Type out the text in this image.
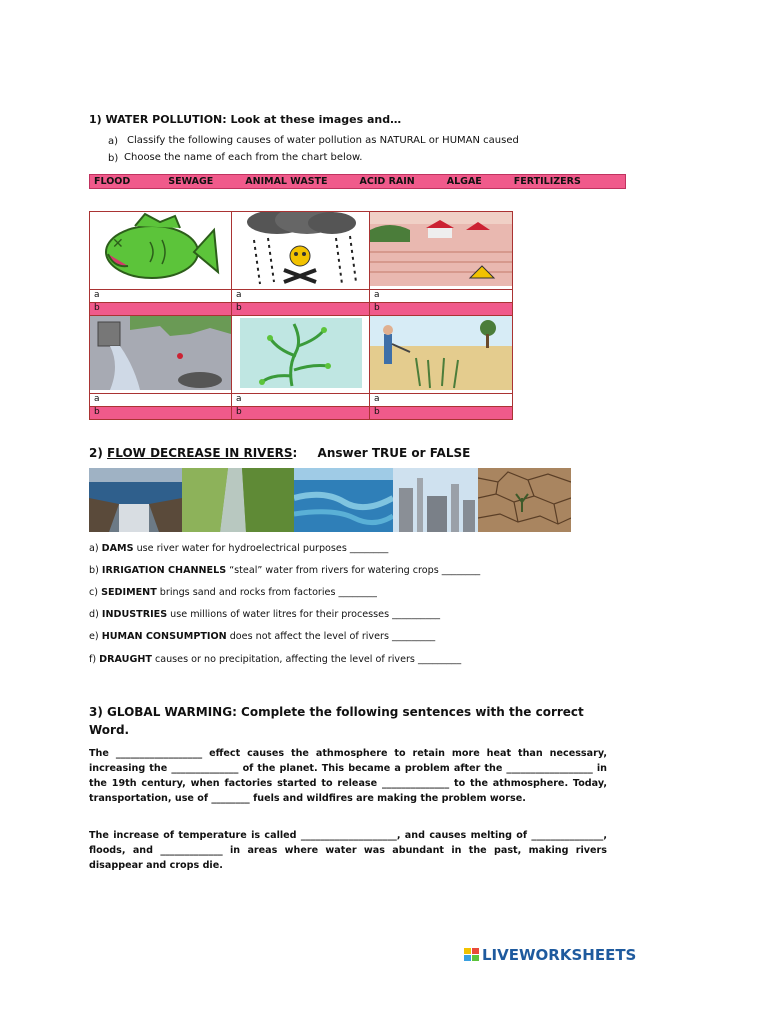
1) WATER POLLUTION: Look at these images and…
a) Classify the following causes of water pollution as NATURAL or HUMAN caused
b) Choose the name of each from the chart below.
FLOOD	SEWAGE	ANIMAL WASTE	ACID RAIN	ALGAE	FERTILIZERS
✕

a	a	a
b	b	b

a	a	a
b	b	b
2) FLOW DECREASE IN RIVERS: Answer TRUE or FALSE
a) DAMS use river water for hydroelectrical purposes ________
b) IRRIGATION CHANNELS “steal” water from rivers for watering crops ________
c) SEDIMENT brings sand and rocks from factories ________
d) INDUSTRIES use millions of water litres for their processes __________
e) HUMAN CONSUMPTION does not affect the level of rivers _________
f) DRAUGHT causes or no precipitation, affecting the level of rivers _________
3) GLOBAL WARMING: Complete the following sentences with the correct Word.
The __________________ effect causes the athmosphere to retain more heat than necessary, increasing the ______________ of the planet. This became a problem after the __________________ in the 19th century, when factories started to release ______________ to the athmosphere. Today, transportation, use of ________ fuels and wildfires are making the problem worse.
The increase of temperature is called ____________________, and causes melting of _______________, floods, and _____________ in areas where water was abundant in the past, making rivers disappear and crops die.
LIVEWORKSHEETS
